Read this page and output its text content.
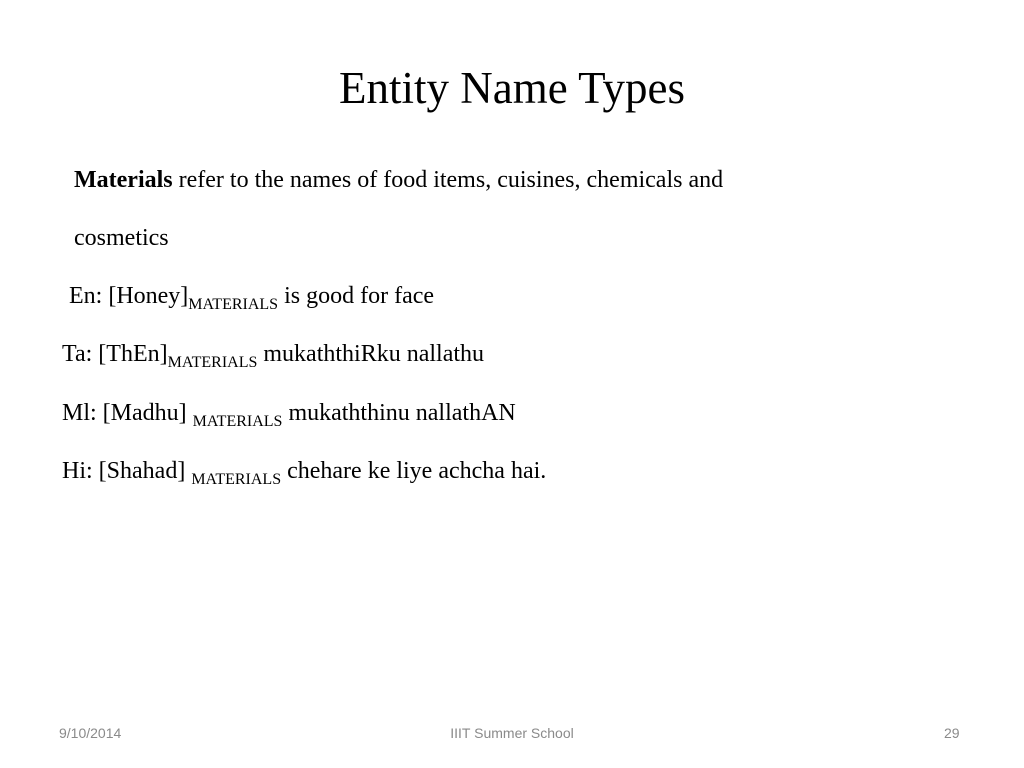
Entity Name Types
Materials refer to the names of food items, cuisines, chemicals and
cosmetics
En: $[Honey]_{MATERIALS}$ is good for face
Ta: $[ThEn]_{MATERIALS}$ mukaththiRku nallathu
Ml: [Madhu] $_{MATERIALS}$ mukaththinu nallathAN
Hi: [Shahad] $_{MATERIALS}$ chehare ke liye achcha hai.
9/10/2014	IIIT Summer School	29
